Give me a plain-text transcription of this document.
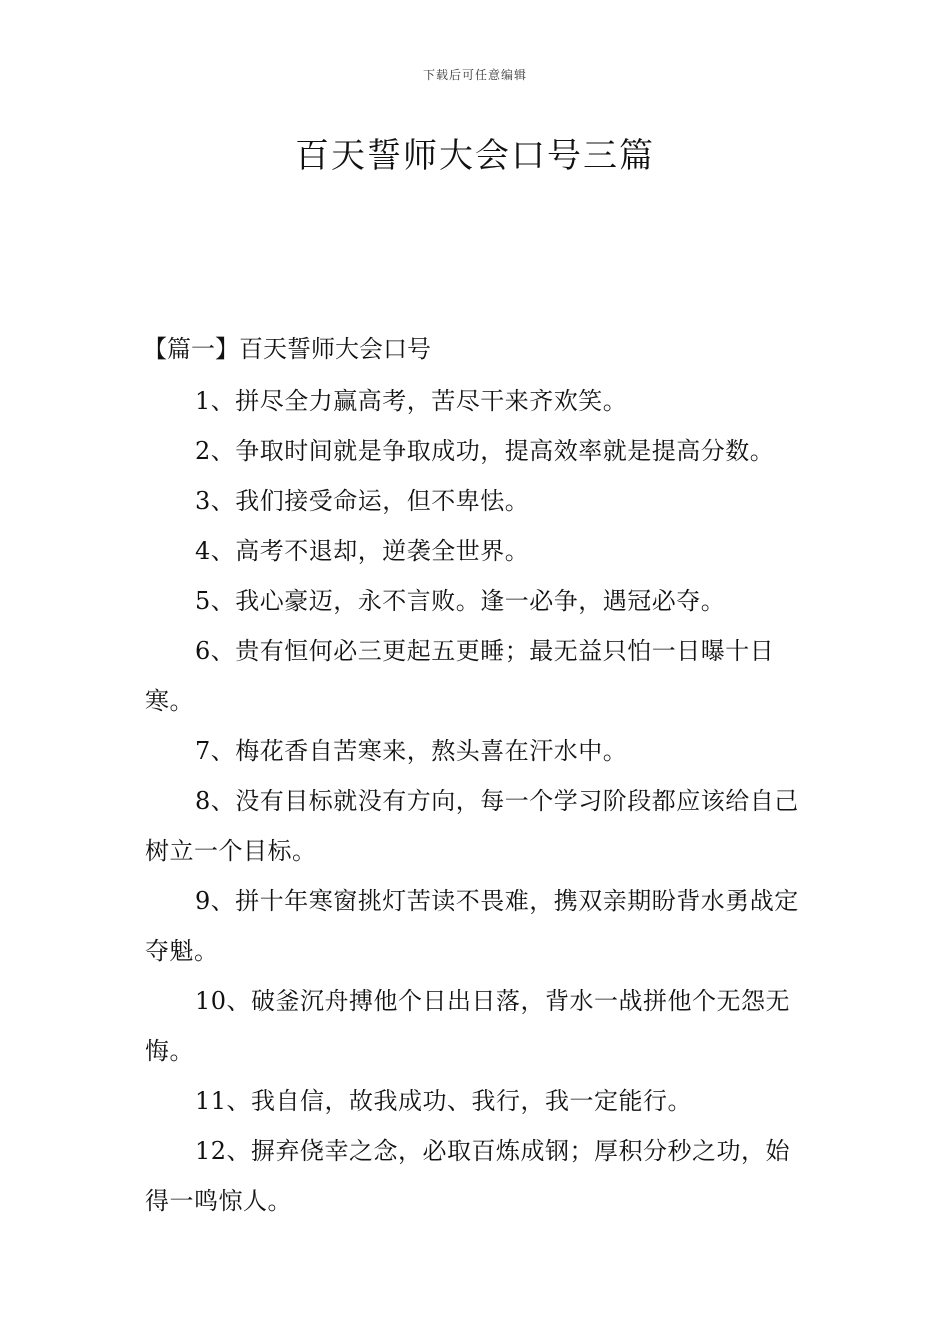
下载后可任意编辑
百天誓师大会口号三篇
【篇一】百天誓师大会口号

1、拼尽全力赢高考，苦尽干来齐欢笑。

2、争取时间就是争取成功，提高效率就是提高分数。

3、我们接受命运，但不卑怯。

4、高考不退却，逆袭全世界。

5、我心豪迈，永不言败。逢一必争，遇冠必夺。

6、贵有恒何必三更起五更睡；最无益只怕一日曝十日寒。

7、梅花香自苦寒来，熬头喜在汗水中。

8、没有目标就没有方向，每一个学习阶段都应该给自己树立一个目标。

9、拼十年寒窗挑灯苦读不畏难，携双亲期盼背水勇战定夺魁。

10、破釜沉舟搏他个日出日落，背水一战拼他个无怨无悔。

11、我自信，故我成功、我行，我一定能行。

12、摒弃侥幸之念，必取百炼成钢；厚积分秒之功，始得一鸣惊人。
